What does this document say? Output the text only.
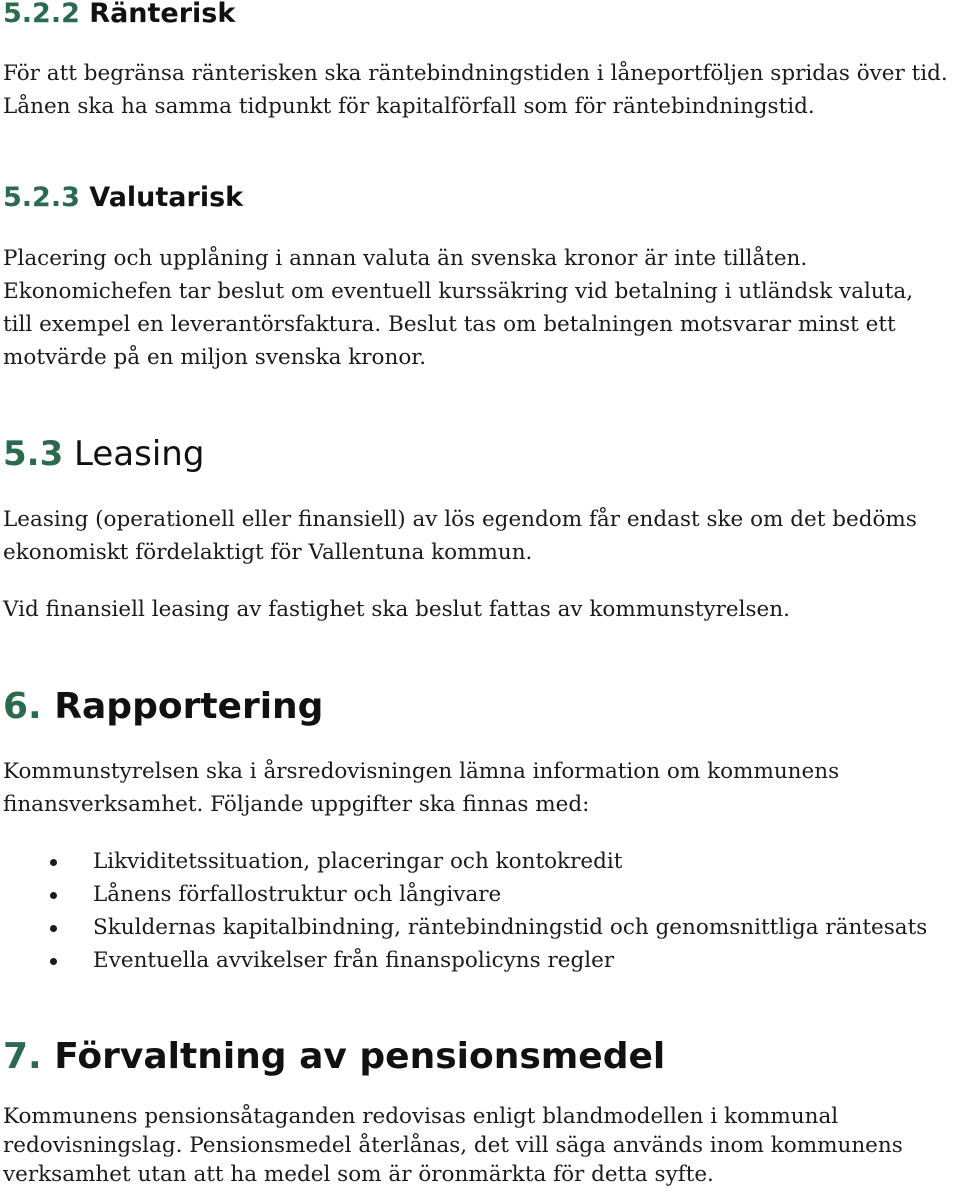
5.2.2 Ränterisk

För att begränsa ränterisken ska räntebindningstiden i låneportföljen spridas över tid.
Lånen ska ha samma tidpunkt för kapitalförfall som för räntebindningstid.

5.2.3 Valutarisk

Placering och upplåning i annan valuta än svenska kronor är inte tillåten.
Ekonomichefen tar beslut om eventuell kurssäkring vid betalning i utländsk valuta,
till exempel en leverantörsfaktura. Beslut tas om betalningen motsvarar minst ett
motvärde på en miljon svenska kronor.

5.3 Leasing

Leasing (operationell eller finansiell) av lös egendom får endast ske om det bedöms
ekonomiskt fördelaktigt för Vallentuna kommun.

Vid finansiell leasing av fastighet ska beslut fattas av kommunstyrelsen.

6. Rapportering

Kommunstyrelsen ska i årsredovisningen lämna information om kommunens
finansverksamhet. Följande uppgifter ska finnas med:

Likviditetssituation, placeringar och kontokredit
Lånens förfallostruktur och långivare
Skuldernas kapitalbindning, räntebindningstid och genomsnittliga räntesats
Eventuella avvikelser från finanspolicyns regler
7. Förvaltning av pensionsmedel

Kommunens pensionsåtaganden redovisas enligt blandmodellen i kommunal
redovisningslag. Pensionsmedel återlånas, det vill säga används inom kommunens
verksamhet utan att ha medel som är öronmärkta för detta syfte.
